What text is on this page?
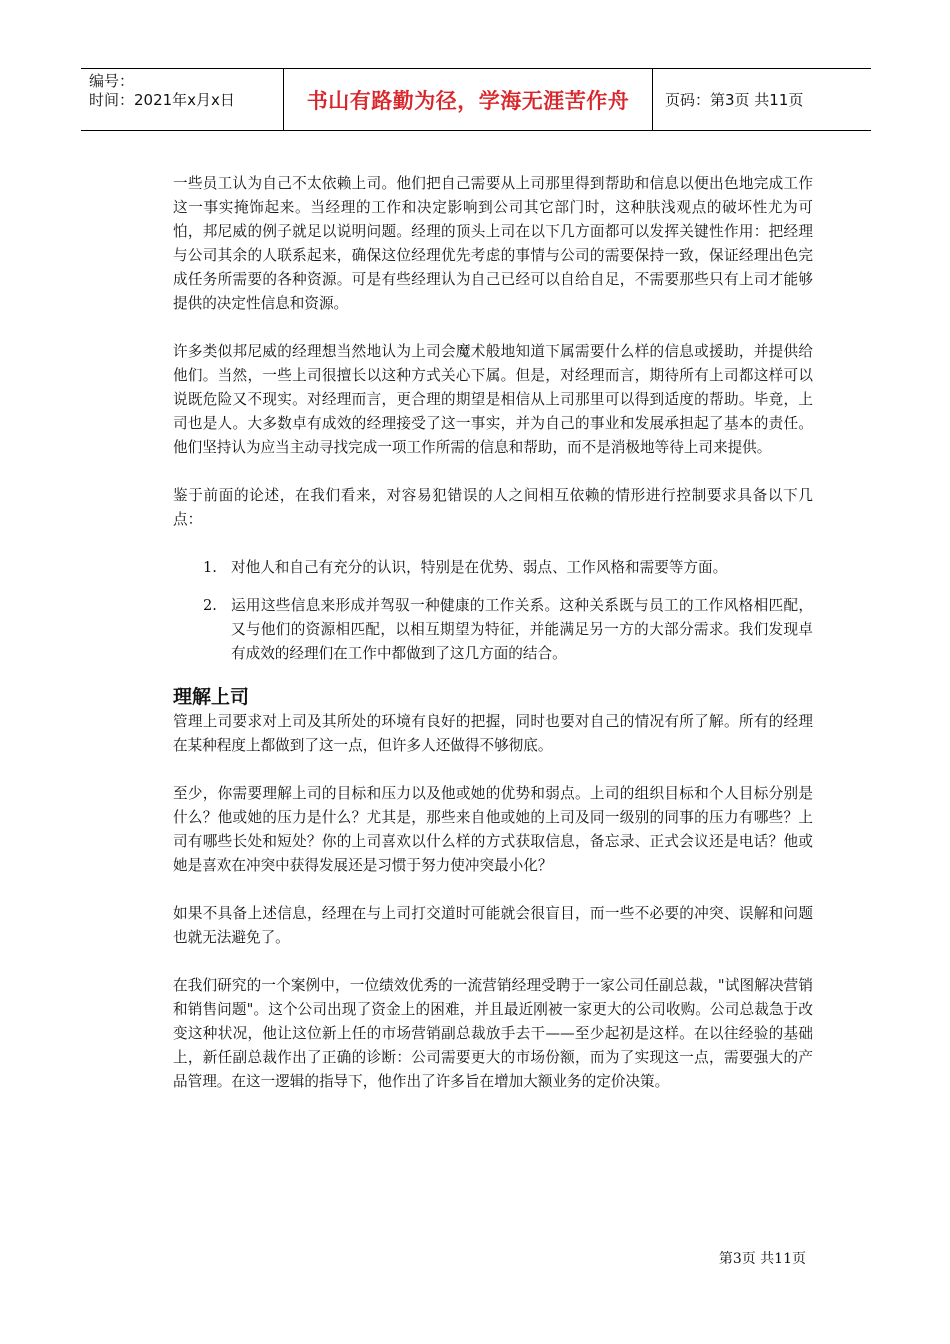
编号：
时间：2021年x月x日	书山有路勤为径，学海无涯苦作舟	页码：第3页 共11页

一些员工认为自己不太依赖上司。他们把自己需要从上司那里得到帮助和信息以便出色地完成工作这一事实掩饰起来。当经理的工作和决定影响到公司其它部门时，这种肤浅观点的破坏性尤为可怕，邦尼威的例子就足以说明问题。经理的顶头上司在以下几方面都可以发挥关键性作用：把经理与公司其余的人联系起来，确保这位经理优先考虑的事情与公司的需要保持一致，保证经理出色完成任务所需要的各种资源。可是有些经理认为自己已经可以自给自足，不需要那些只有上司才能够提供的决定性信息和资源。

许多类似邦尼威的经理想当然地认为上司会魔术般地知道下属需要什么样的信息或援助，并提供给他们。当然，一些上司很擅长以这种方式关心下属。但是，对经理而言，期待所有上司都这样可以说既危险又不现实。对经理而言，更合理的期望是相信从上司那里可以得到适度的帮助。毕竟，上司也是人。大多数卓有成效的经理接受了这一事实，并为自己的事业和发展承担起了基本的责任。他们坚持认为应当主动寻找完成一项工作所需的信息和帮助，而不是消极地等待上司来提供。

鉴于前面的论述，在我们看来，对容易犯错误的人之间相互依赖的情形进行控制要求具备以下几点：

1. 对他人和自己有充分的认识，特别是在优势、弱点、工作风格和需要等方面。
2. 运用这些信息来形成并驾驭一种健康的工作关系。这种关系既与员工的工作风格相匹配，又与他们的资源相匹配，以相互期望为特征，并能满足另一方的大部分需求。我们发现卓有成效的经理们在工作中都做到了这几方面的结合。
理解上司

管理上司要求对上司及其所处的环境有良好的把握，同时也要对自己的情况有所了解。所有的经理在某种程度上都做到了这一点，但许多人还做得不够彻底。

至少，你需要理解上司的目标和压力以及他或她的优势和弱点。上司的组织目标和个人目标分别是什么？他或她的压力是什么？尤其是，那些来自他或她的上司及同一级别的同事的压力有哪些？上司有哪些长处和短处？你的上司喜欢以什么样的方式获取信息，备忘录、正式会议还是电话？他或她是喜欢在冲突中获得发展还是习惯于努力使冲突最小化？

如果不具备上述信息，经理在与上司打交道时可能就会很盲目，而一些不必要的冲突、误解和问题也就无法避免了。

在我们研究的一个案例中，一位绩效优秀的一流营销经理受聘于一家公司任副总裁，"试图解决营销和销售问题"。这个公司出现了资金上的困难，并且最近刚被一家更大的公司收购。公司总裁急于改变这种状况，他让这位新上任的市场营销副总裁放手去干——至少起初是这样。在以往经验的基础上，新任副总裁作出了正确的诊断：公司需要更大的市场份额，而为了实现这一点，需要强大的产品管理。在这一逻辑的指导下，他作出了许多旨在增加大额业务的定价决策。

第3页 共11页
